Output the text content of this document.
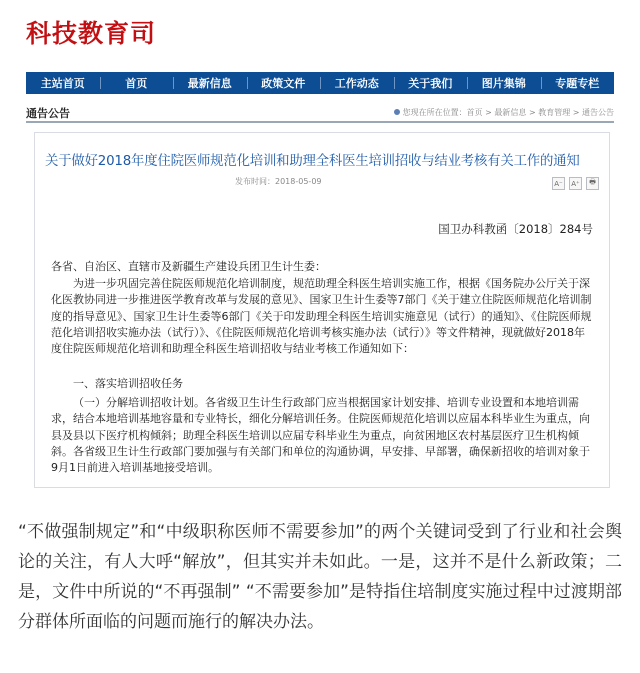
科技教育司
主站首页	首页	最新信息	政策文件	工作动态	关于我们	图片集锦	专题专栏
通告公告	您现在所在位置：首页 > 最新信息 > 教育管理 > 通告公告
关于做好2018年度住院医师规范化培训和助理全科医生培训招收与结业考核有关工作的通知
发布时间：2018-05-09	A⁻	A⁺	🖶
国卫办科教函〔2018〕284号

各省、自治区、直辖市及新疆生产建设兵团卫生计生委：

为进一步巩固完善住院医师规范化培训制度，规范助理全科医生培训实施工作，根据《国务院办公厅关于深化医教协同进一步推进医学教育改革与发展的意见》、国家卫生计生委等7部门《关于建立住院医师规范化培训制度的指导意见》、国家卫生计生委等6部门《关于印发助理全科医生培训实施意见（试行）的通知》、《住院医师规范化培训招收实施办法（试行）》、《住院医师规范化培训考核实施办法（试行）》等文件精神，现就做好2018年度住院医师规范化培训和助理全科医生培训招收与结业考核工作通知如下：

一、落实培训招收任务

（一）分解培训招收计划。各省级卫生计生行政部门应当根据国家计划安排、培训专业设置和本地培训需求，结合本地培训基地容量和专业特长，细化分解培训任务。住院医师规范化培训以应届本科毕业生为重点，向县及县以下医疗机构倾斜；助理全科医生培训以应届专科毕业生为重点，向贫困地区农村基层医疗卫生机构倾斜。各省级卫生计生行政部门要加强与有关部门和单位的沟通协调，早安排、早部署，确保新招收的培训对象于9月1日前进入培训基地接受培训。

“不做强制规定”和“中级职称医师不需要参加”的两个关键词受到了行业和社会舆论的关注，有人大呼“解放”，但其实并未如此。一是，这并不是什么新政策；二是，文件中所说的“不再强制” “不需要参加”是特指住培制度实施过程中过渡期部分群体所面临的问题而施行的解决办法。
